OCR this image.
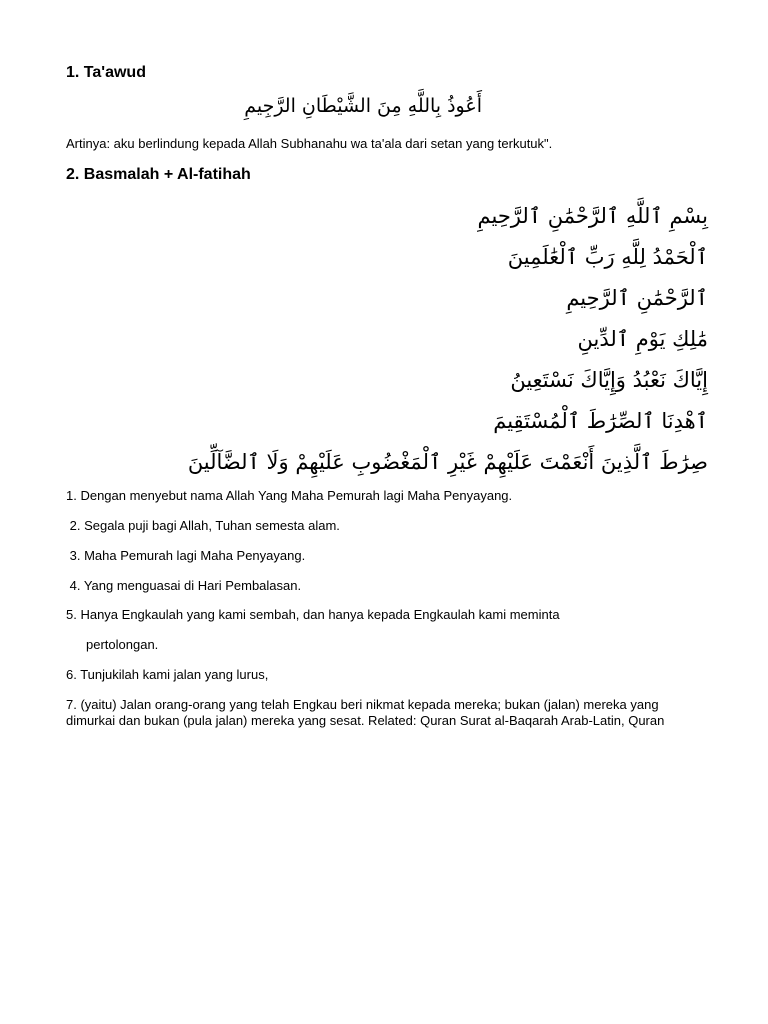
1. Ta'awud
أَعُوذُ بِاللَّهِ مِنَ الشَّيْطَانِ الرَّجِيمِ
Artinya: aku berlindung kepada Allah Subhanahu wa ta'ala dari setan yang terkutuk".
2. Basmalah + Al-fatihah
بِسْمِ ٱللَّهِ ٱلرَّحْمَٰنِ ٱلرَّحِيمِ
ٱلْحَمْدُ لِلَّهِ رَبِّ ٱلْعَٰلَمِينَ
ٱلرَّحْمَٰنِ ٱلرَّحِيمِ
مَٰلِكِ يَوْمِ ٱلدِّينِ
إِيَّاكَ نَعْبُدُ وَإِيَّاكَ نَسْتَعِينُ
ٱهْدِنَا ٱلصِّرَٰطَ ٱلْمُسْتَقِيمَ
صِرَٰطَ ٱلَّذِينَ أَنْعَمْتَ عَلَيْهِمْ غَيْرِ ٱلْمَغْضُوبِ عَلَيْهِمْ وَلَا ٱلضَّآلِّينَ
1. Dengan menyebut nama Allah Yang Maha Pemurah lagi Maha Penyayang.
2. Segala puji bagi Allah, Tuhan semesta alam.
3. Maha Pemurah lagi Maha Penyayang.
4. Yang menguasai di Hari Pembalasan.
5. Hanya Engkaulah yang kami sembah, dan hanya kepada Engkaulah kami meminta
pertolongan.
6. Tunjukilah kami jalan yang lurus,
7. (yaitu) Jalan orang-orang yang telah Engkau beri nikmat kepada mereka; bukan (jalan) mereka yang dimurkai dan bukan (pula jalan) mereka yang sesat. Related: Quran Surat al-Baqarah Arab-Latin, Quran
